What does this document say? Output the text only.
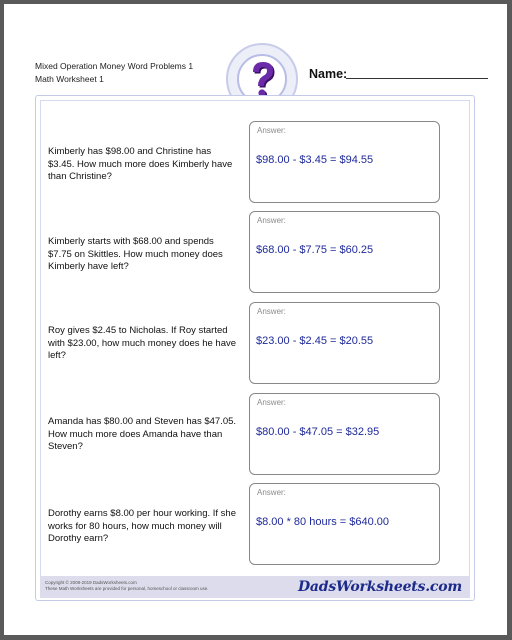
Mixed Operation Money Word Problems 1
Math Worksheet 1	Name:
Kimberly has $98.00 and Christine has $3.45. How much more does Kimberly have than Christine?
Answer:
$98.00 - $3.45 = $94.55
Kimberly starts with $68.00 and spends $7.75 on Skittles. How much money does Kimberly have left?
Answer:
$68.00 - $7.75 = $60.25
Roy gives $2.45 to Nicholas. If Roy started with $23.00, how much money does he have left?
Answer:
$23.00 - $2.45 = $20.55
Amanda has $80.00 and Steven has $47.05. How much more does Amanda have than Steven?
Answer:
$80.00 - $47.05 = $32.95
Dorothy earns $8.00 per hour working. If she works for 80 hours, how much money will Dorothy earn?
Answer:
$8.00 * 80 hours = $640.00
Copyright © 2008-2019 DadsWorksheets.com
These Math Worksheets are provided for personal, homeschool or classroom use.	DadsWorksheets.com
